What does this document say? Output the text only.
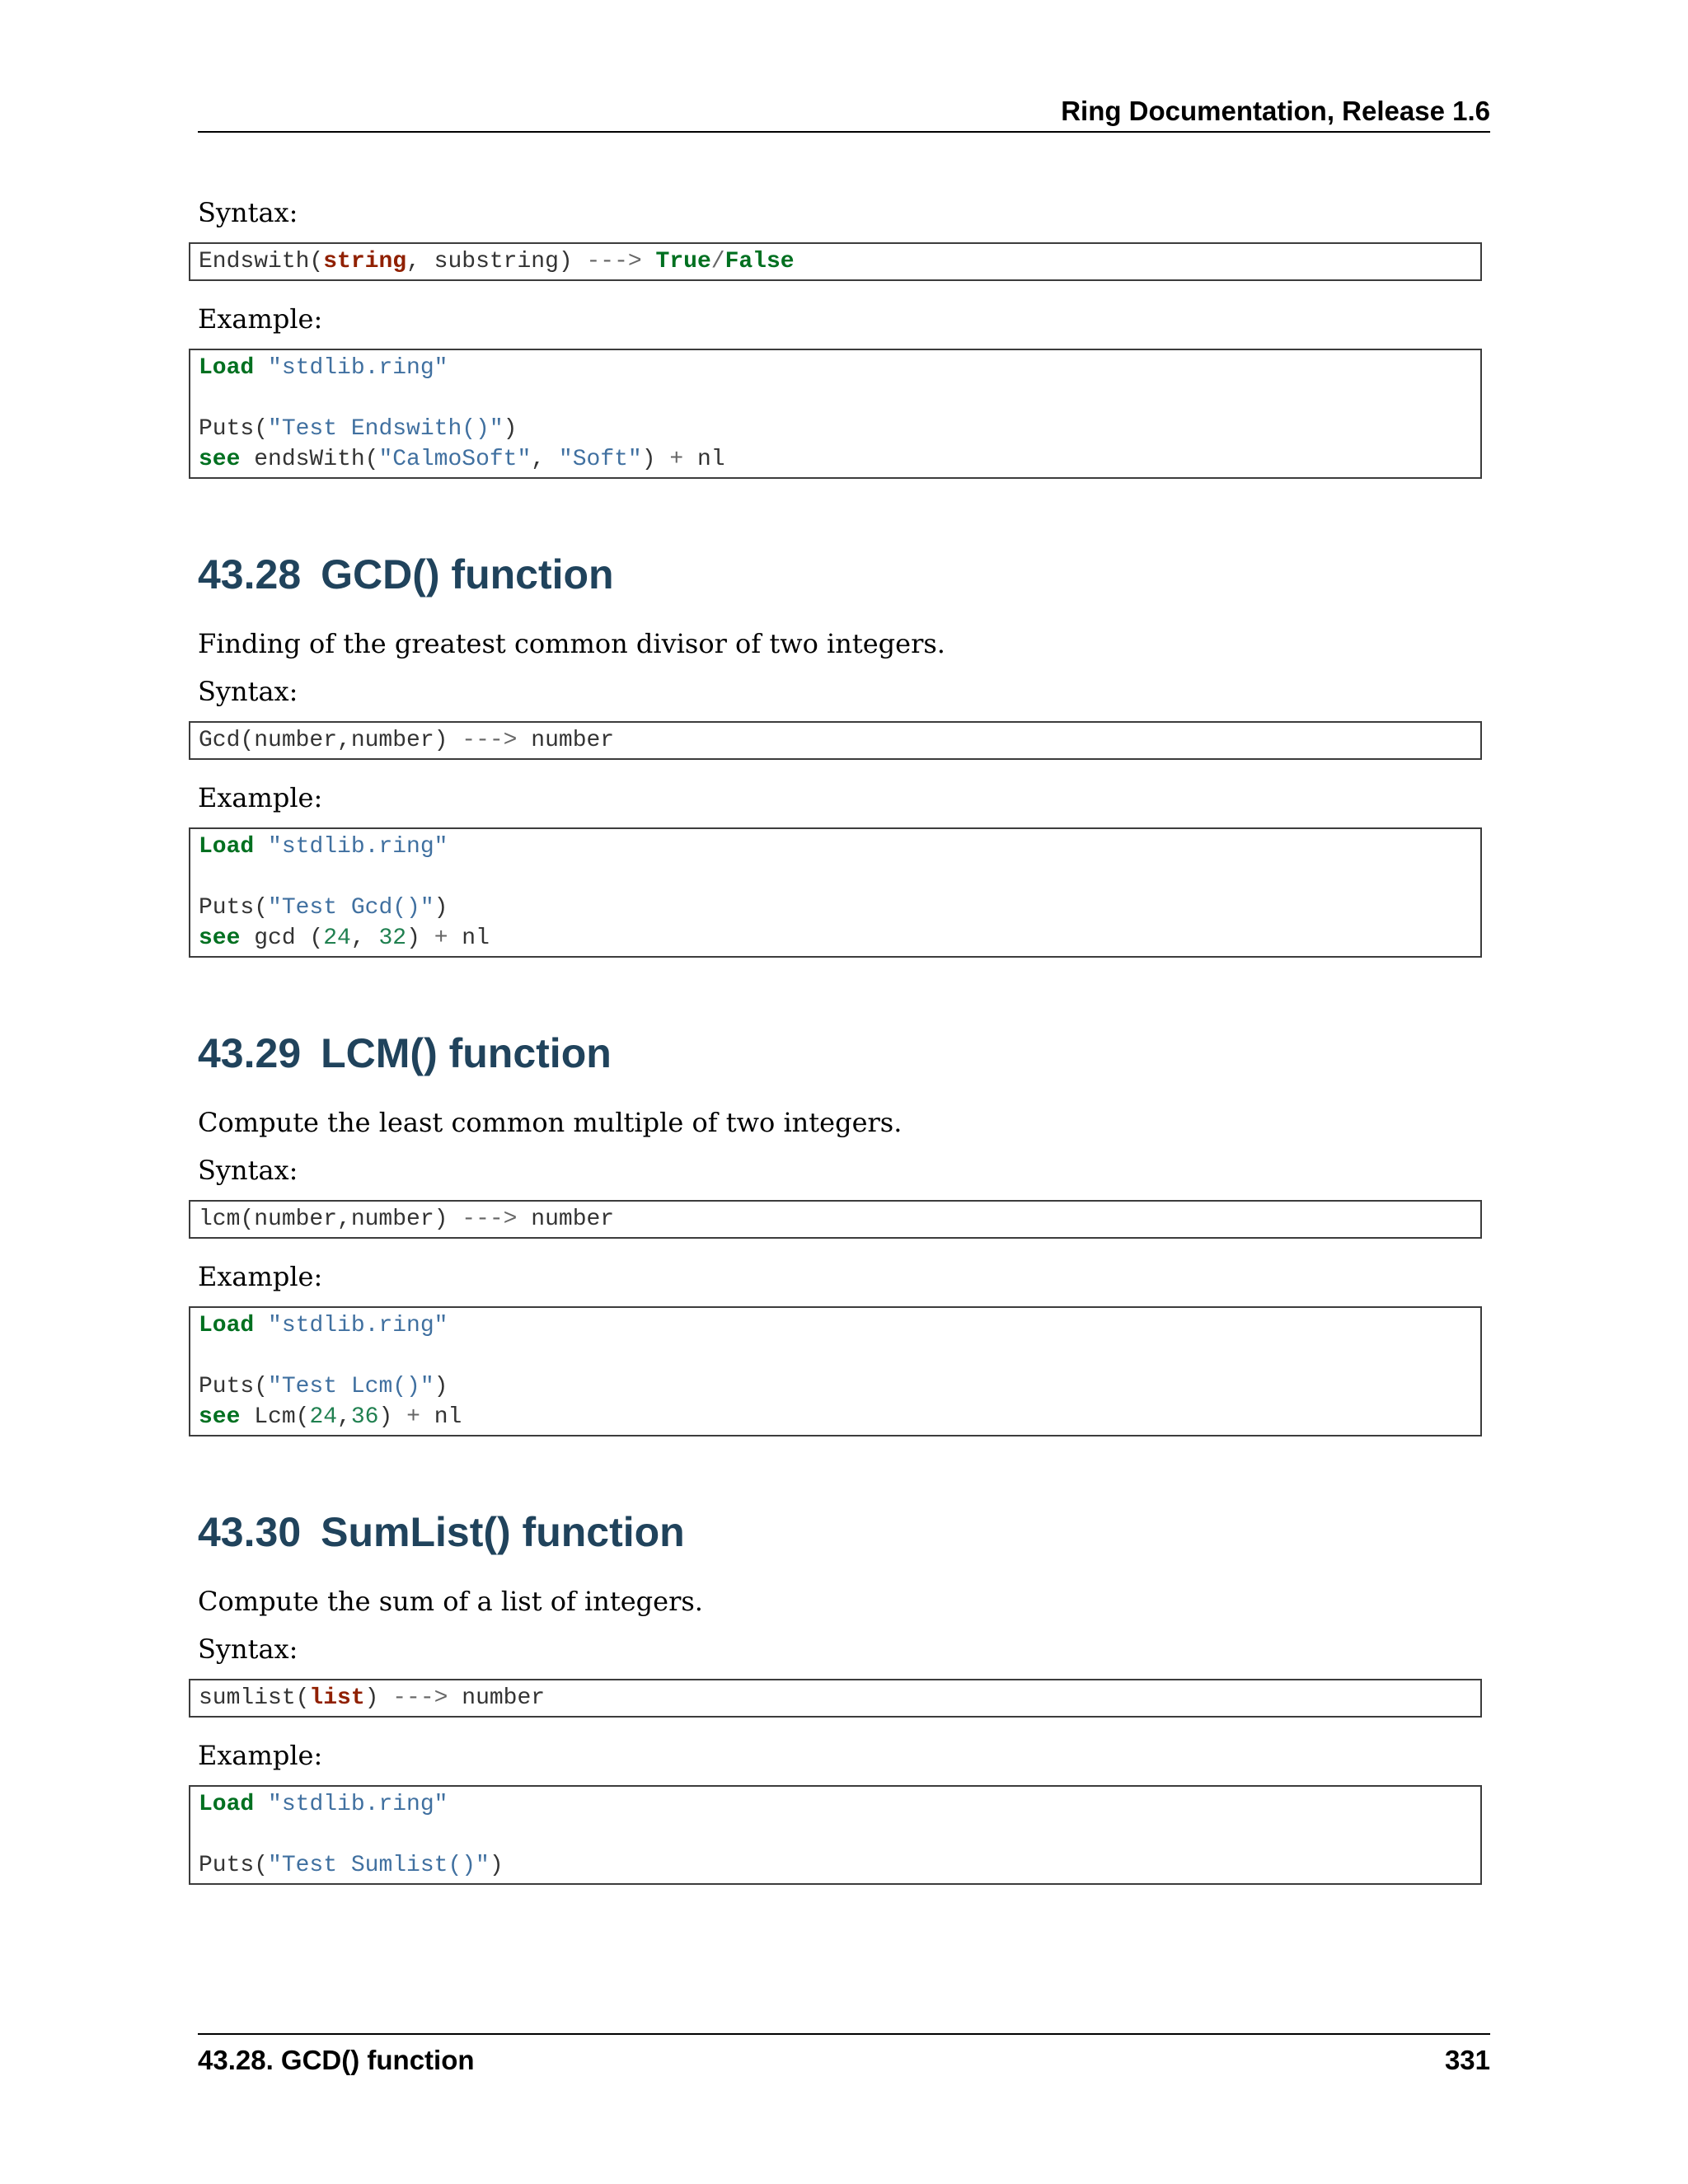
Ring Documentation, Release 1.6

Syntax:

Endswith(string, substring) ---> True/False

Example:

Load "stdlib.ring"
Puts("Test Endswith()")
see endsWith("CalmoSoft", "Soft") + nl
43.28 GCD() function

Finding of the greatest common divisor of two integers.

Syntax:

Gcd(number,number) ---> number

Example:

Load "stdlib.ring"
Puts("Test Gcd()")
see gcd (24, 32) + nl
43.29 LCM() function

Compute the least common multiple of two integers.

Syntax:

lcm(number,number) ---> number

Example:

Load "stdlib.ring"
Puts("Test Lcm()")
see Lcm(24,36) + nl
43.30 SumList() function

Compute the sum of a list of integers.

Syntax:

sumlist(list) ---> number

Example:

Load "stdlib.ring"
Puts("Test Sumlist()")
43.28. GCD() function	331
